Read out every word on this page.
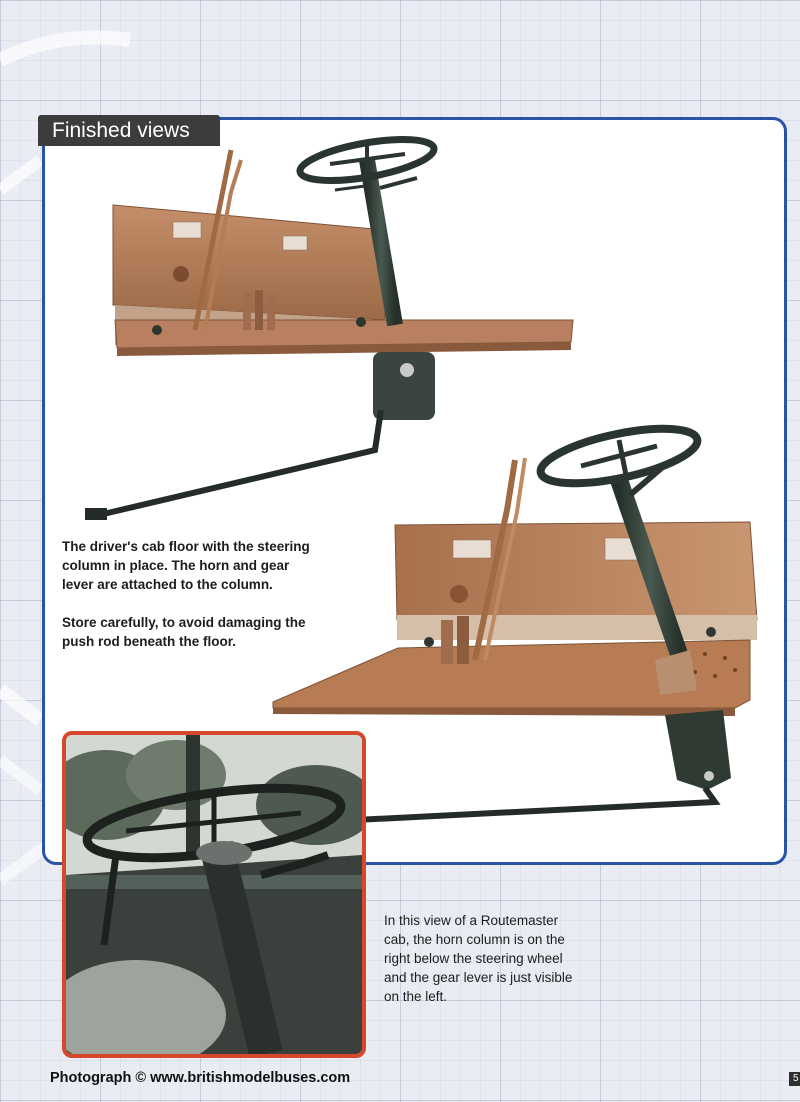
Finished views

The driver's cab floor with the steering column in place. The horn and gear lever are attached to the column.

Store carefully, to avoid damaging the push rod beneath the floor.

In this view of a Routemaster cab, the horn column is on the right below the steering wheel and the gear lever is just visible on the left.

Photograph © www.britishmodelbuses.com	5
